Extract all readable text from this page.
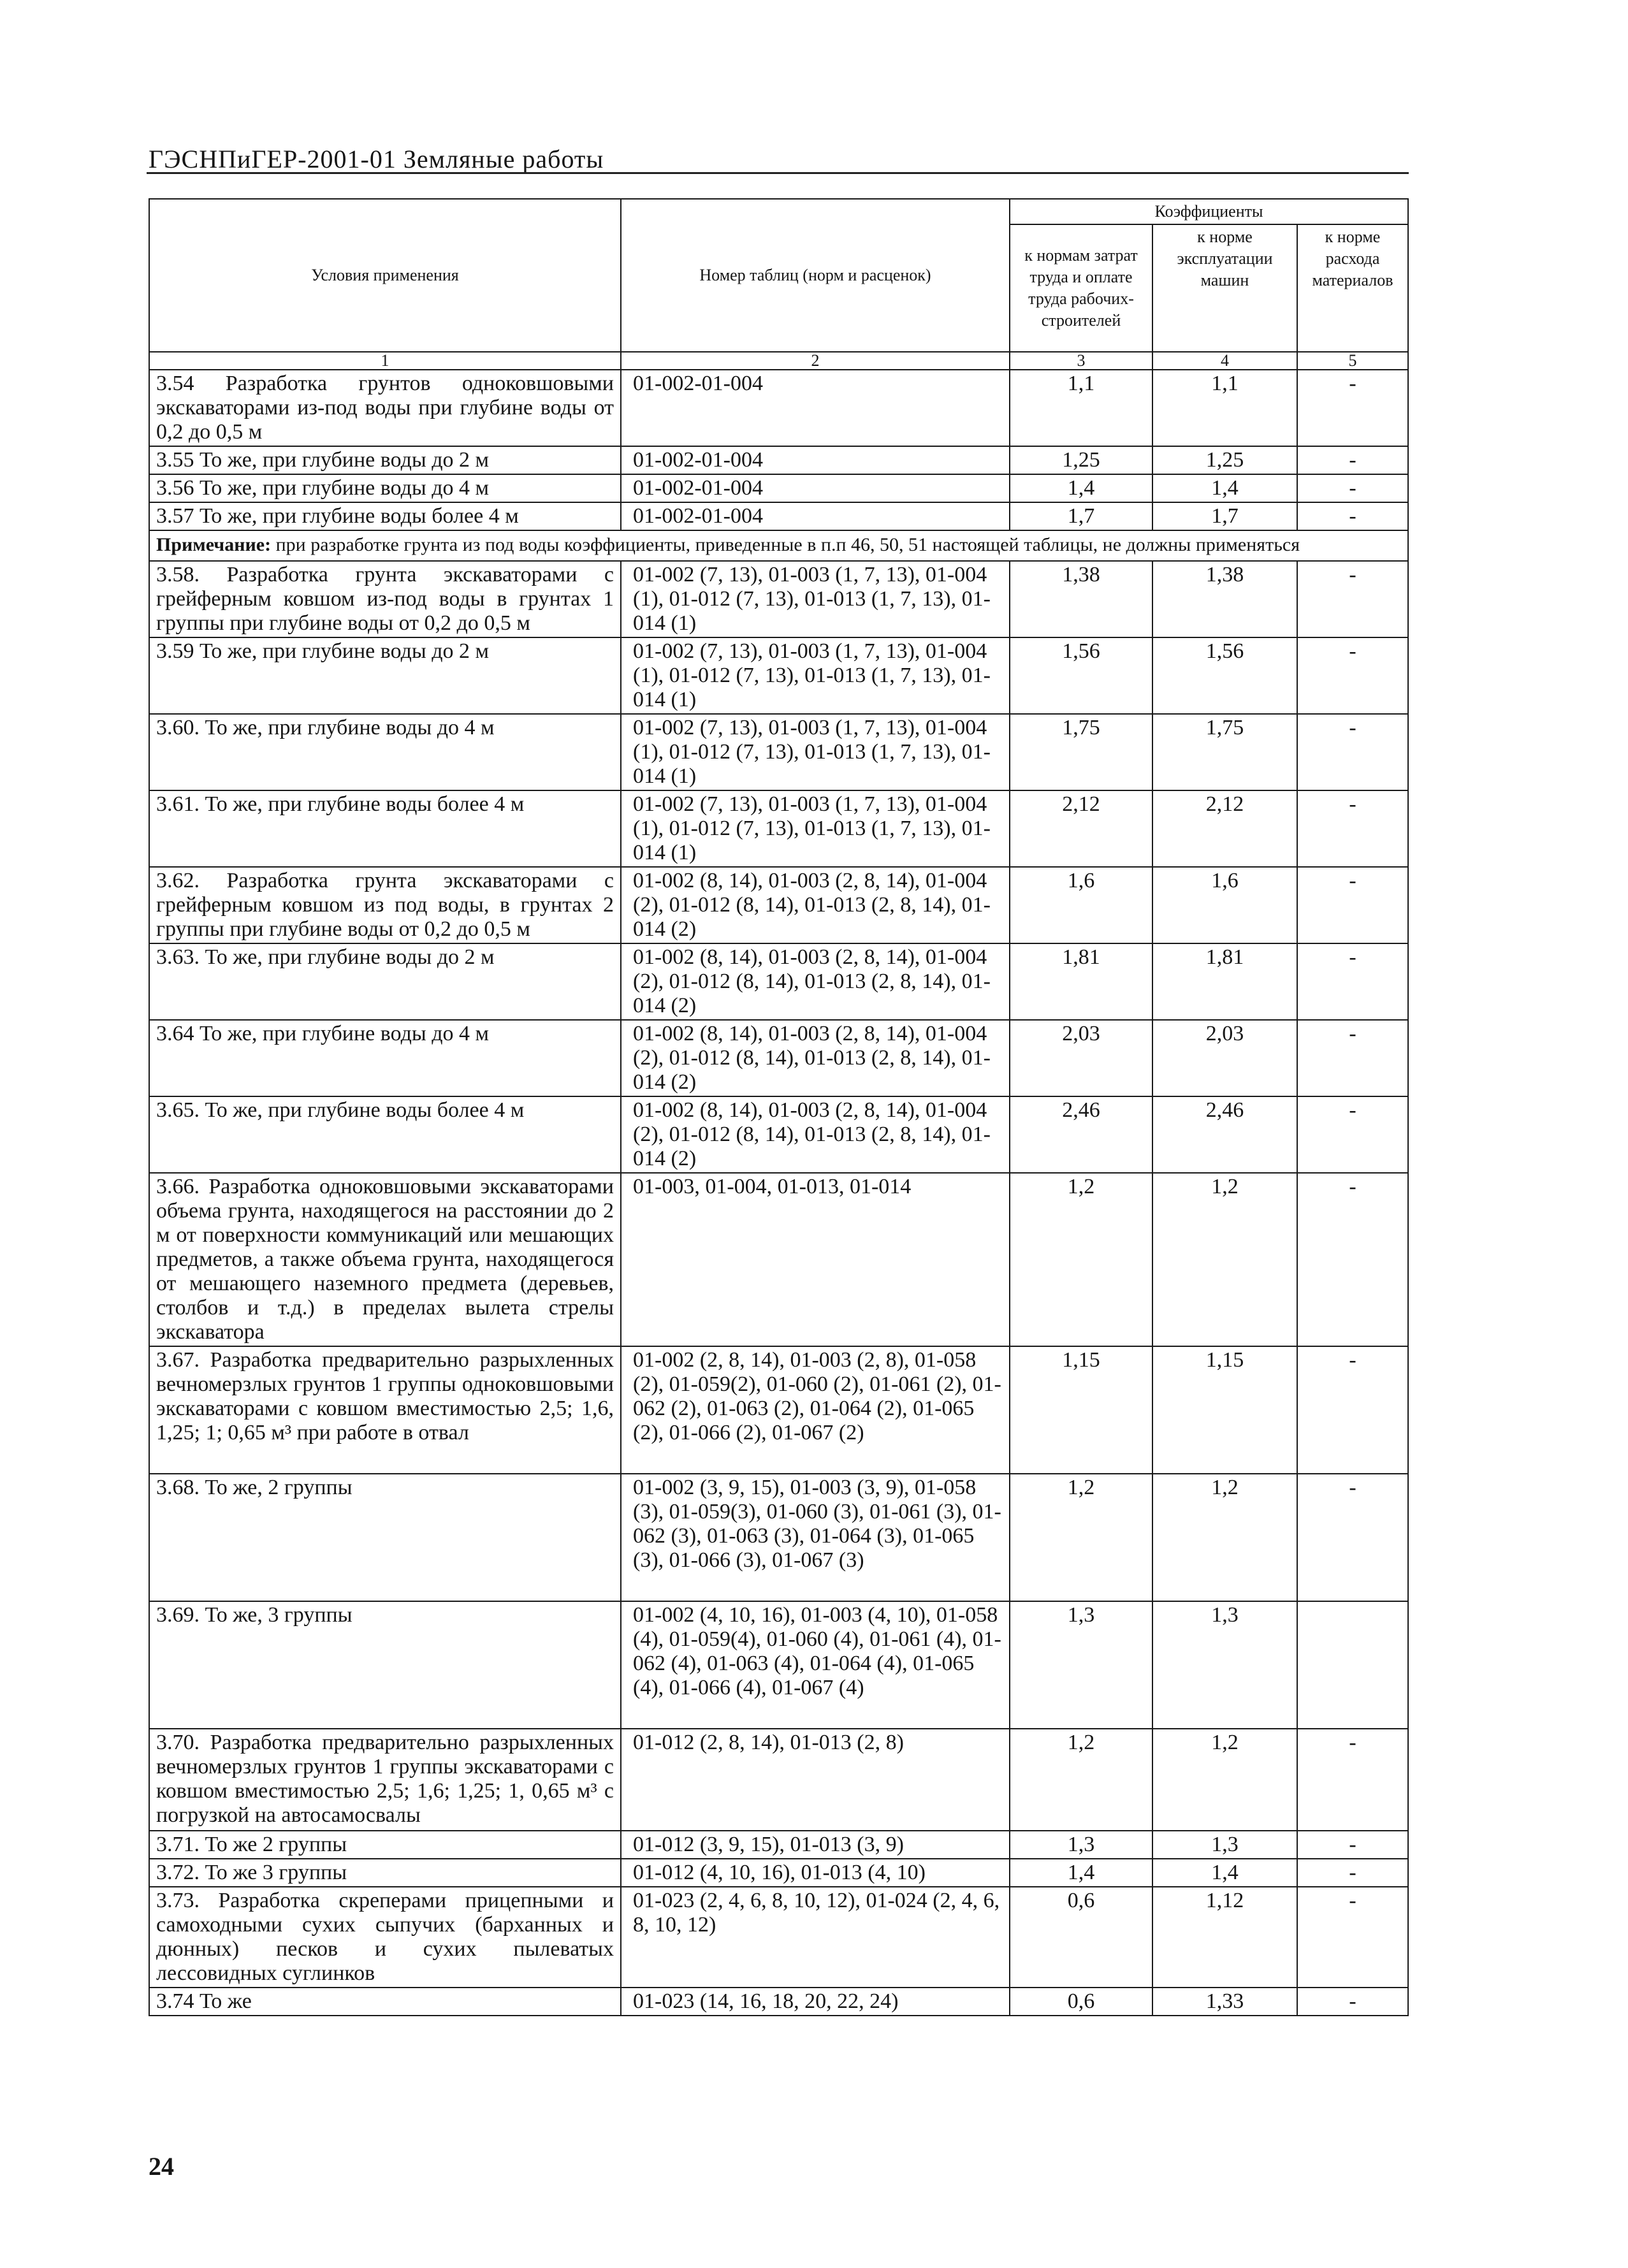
ГЭСНПиГЕР-2001-01 Земляные работы
Условия применения	Номер таблиц (норм и расценок)	Коэффициенты		
		к нормам затрат труда и оплате труда рабочих-строителей	к норме эксплуатации машин	к норме расхода материалов
1	2	3	4	5
3.54 Разработка грунтов одноковшовыми экскаваторами из-под воды при глубине воды от 0,2 до 0,5 м	01-002-01-004	1,1	1,1	-
3.55 То же, при глубине воды до 2 м	01-002-01-004	1,25	1,25	-
3.56 То же, при глубине воды до 4 м	01-002-01-004	1,4	1,4	-
3.57 То же, при глубине воды более 4 м	01-002-01-004	1,7	1,7	-
Примечание: при разработке грунта из под воды коэффициенты, приведенные в п.п 46, 50, 51 настоящей таблицы, не должны применяться				
3.58. Разработка грунта экскаваторами с грейферным ковшом из-под воды в грунтах 1 группы при глубине воды от 0,2 до 0,5 м	01-002 (7, 13), 01-003 (1, 7, 13), 01-004 (1), 01-012 (7, 13), 01-013 (1, 7, 13), 01-014 (1)	1,38	1,38	-
3.59 То же, при глубине воды до 2 м	01-002 (7, 13), 01-003 (1, 7, 13), 01-004 (1), 01-012 (7, 13), 01-013 (1, 7, 13), 01-014 (1)	1,56	1,56	-
3.60. То же, при глубине воды до 4 м	01-002 (7, 13), 01-003 (1, 7, 13), 01-004 (1), 01-012 (7, 13), 01-013 (1, 7, 13), 01-014 (1)	1,75	1,75	-
3.61. То же, при глубине воды более 4 м	01-002 (7, 13), 01-003 (1, 7, 13), 01-004 (1), 01-012 (7, 13), 01-013 (1, 7, 13), 01-014 (1)	2,12	2,12	-
3.62. Разработка грунта экскаваторами с грейферным ковшом из под воды, в грунтах 2 группы при глубине воды от 0,2 до 0,5 м	01-002 (8, 14), 01-003 (2, 8, 14), 01-004 (2), 01-012 (8, 14), 01-013 (2, 8, 14), 01-014 (2)	1,6	1,6	-
3.63. То же, при глубине воды до 2 м	01-002 (8, 14), 01-003 (2, 8, 14), 01-004 (2), 01-012 (8, 14), 01-013 (2, 8, 14), 01-014 (2)	1,81	1,81	-
3.64 То же, при глубине воды до 4 м	01-002 (8, 14), 01-003 (2, 8, 14), 01-004 (2), 01-012 (8, 14), 01-013 (2, 8, 14), 01-014 (2)	2,03	2,03	-
3.65. То же, при глубине воды более 4 м	01-002 (8, 14), 01-003 (2, 8, 14), 01-004 (2), 01-012 (8, 14), 01-013 (2, 8, 14), 01-014 (2)	2,46	2,46	-
3.66. Разработка одноковшовыми экскаваторами объема грунта, находящегося на расстоянии до 2 м от поверхности коммуникаций или мешающих предметов, а также объема грунта, находящегося от мешающего наземного предмета (деревьев, столбов и т.д.) в пределах вылета стрелы экскаватора	01-003, 01-004, 01-013, 01-014	1,2	1,2	-
3.67. Разработка предварительно разрыхленных вечномерзлых грунтов 1 группы одноковшовыми экскаваторами с ковшом вместимостью 2,5; 1,6, 1,25; 1; 0,65 м³ при работе в отвал	01-002 (2, 8, 14), 01-003 (2, 8), 01-058 (2), 01-059(2), 01-060 (2), 01-061 (2), 01-062 (2), 01-063 (2), 01-064 (2), 01-065 (2), 01-066 (2), 01-067 (2)	1,15	1,15	-
3.68. То же, 2 группы	01-002 (3, 9, 15), 01-003 (3, 9), 01-058 (3), 01-059(3), 01-060 (3), 01-061 (3), 01-062 (3), 01-063 (3), 01-064 (3), 01-065 (3), 01-066 (3), 01-067 (3)	1,2	1,2	-
3.69. То же, 3 группы	01-002 (4, 10, 16), 01-003 (4, 10), 01-058 (4), 01-059(4), 01-060 (4), 01-061 (4), 01-062 (4), 01-063 (4), 01-064 (4), 01-065 (4), 01-066 (4), 01-067 (4)	1,3	1,3	
3.70. Разработка предварительно разрыхленных вечномерзлых грунтов 1 группы экскаваторами с ковшом вместимостью 2,5; 1,6; 1,25; 1, 0,65 м³ с погрузкой на автосамосвалы	01-012 (2, 8, 14), 01-013 (2, 8)	1,2	1,2	-
3.71. То же 2 группы	01-012 (3, 9, 15), 01-013 (3, 9)	1,3	1,3	-
3.72. То же 3 группы	01-012 (4, 10, 16), 01-013 (4, 10)	1,4	1,4	-
3.73. Разработка скреперами прицепными и самоходными сухих сыпучих (барханных и дюнных) песков и сухих пылеватых лессовидных суглинков	01-023 (2, 4, 6, 8, 10, 12), 01-024 (2, 4, 6, 8, 10, 12)	0,6	1,12	-
3.74 То же	01-023 (14, 16, 18, 20, 22, 24)	0,6	1,33	-
24
